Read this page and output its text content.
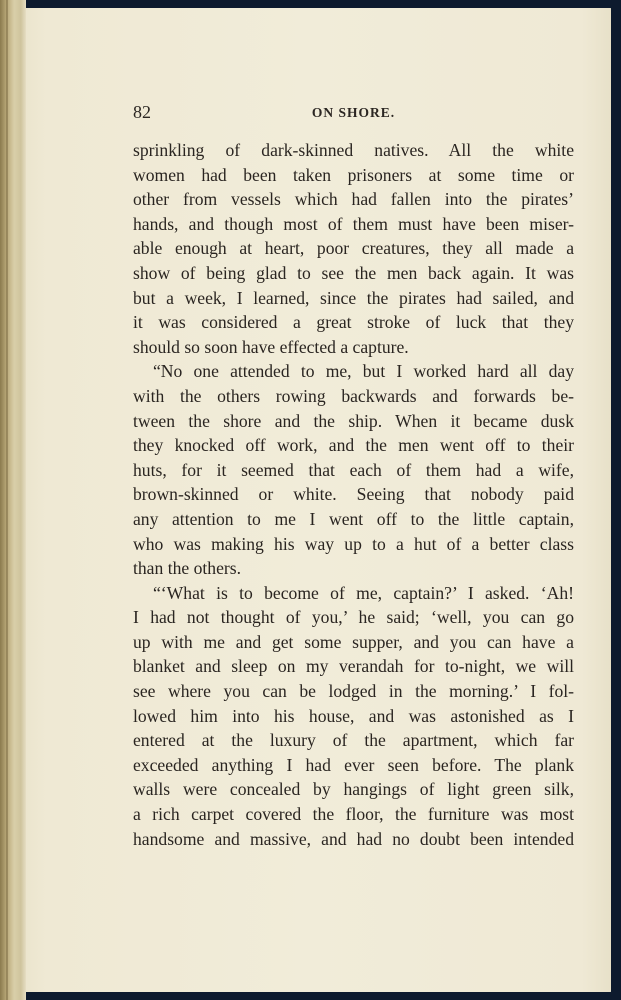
82	ON SHORE.
sprinkling of dark-skinned natives. All the white
women had been taken prisoners at some time or
other from vessels which had fallen into the pirates’
hands, and though most of them must have been miser-
able enough at heart, poor creatures, they all made a
show of being glad to see the men back again. It was
but a week, I learned, since the pirates had sailed, and
it was considered a great stroke of luck that they
should so soon have effected a capture.
“No one attended to me, but I worked hard all day
with the others rowing backwards and forwards be-
tween the shore and the ship. When it became dusk
they knocked off work, and the men went off to their
huts, for it seemed that each of them had a wife,
brown-skinned or white. Seeing that nobody paid
any attention to me I went off to the little captain,
who was making his way up to a hut of a better class
than the others.
“‘What is to become of me, captain?’ I asked. ‘Ah!
I had not thought of you,’ he said; ‘well, you can go
up with me and get some supper, and you can have a
blanket and sleep on my verandah for to-night, we will
see where you can be lodged in the morning.’ I fol-
lowed him into his house, and was astonished as I
entered at the luxury of the apartment, which far
exceeded anything I had ever seen before. The plank
walls were concealed by hangings of light green silk,
a rich carpet covered the floor, the furniture was most
handsome and massive, and had no doubt been intended
